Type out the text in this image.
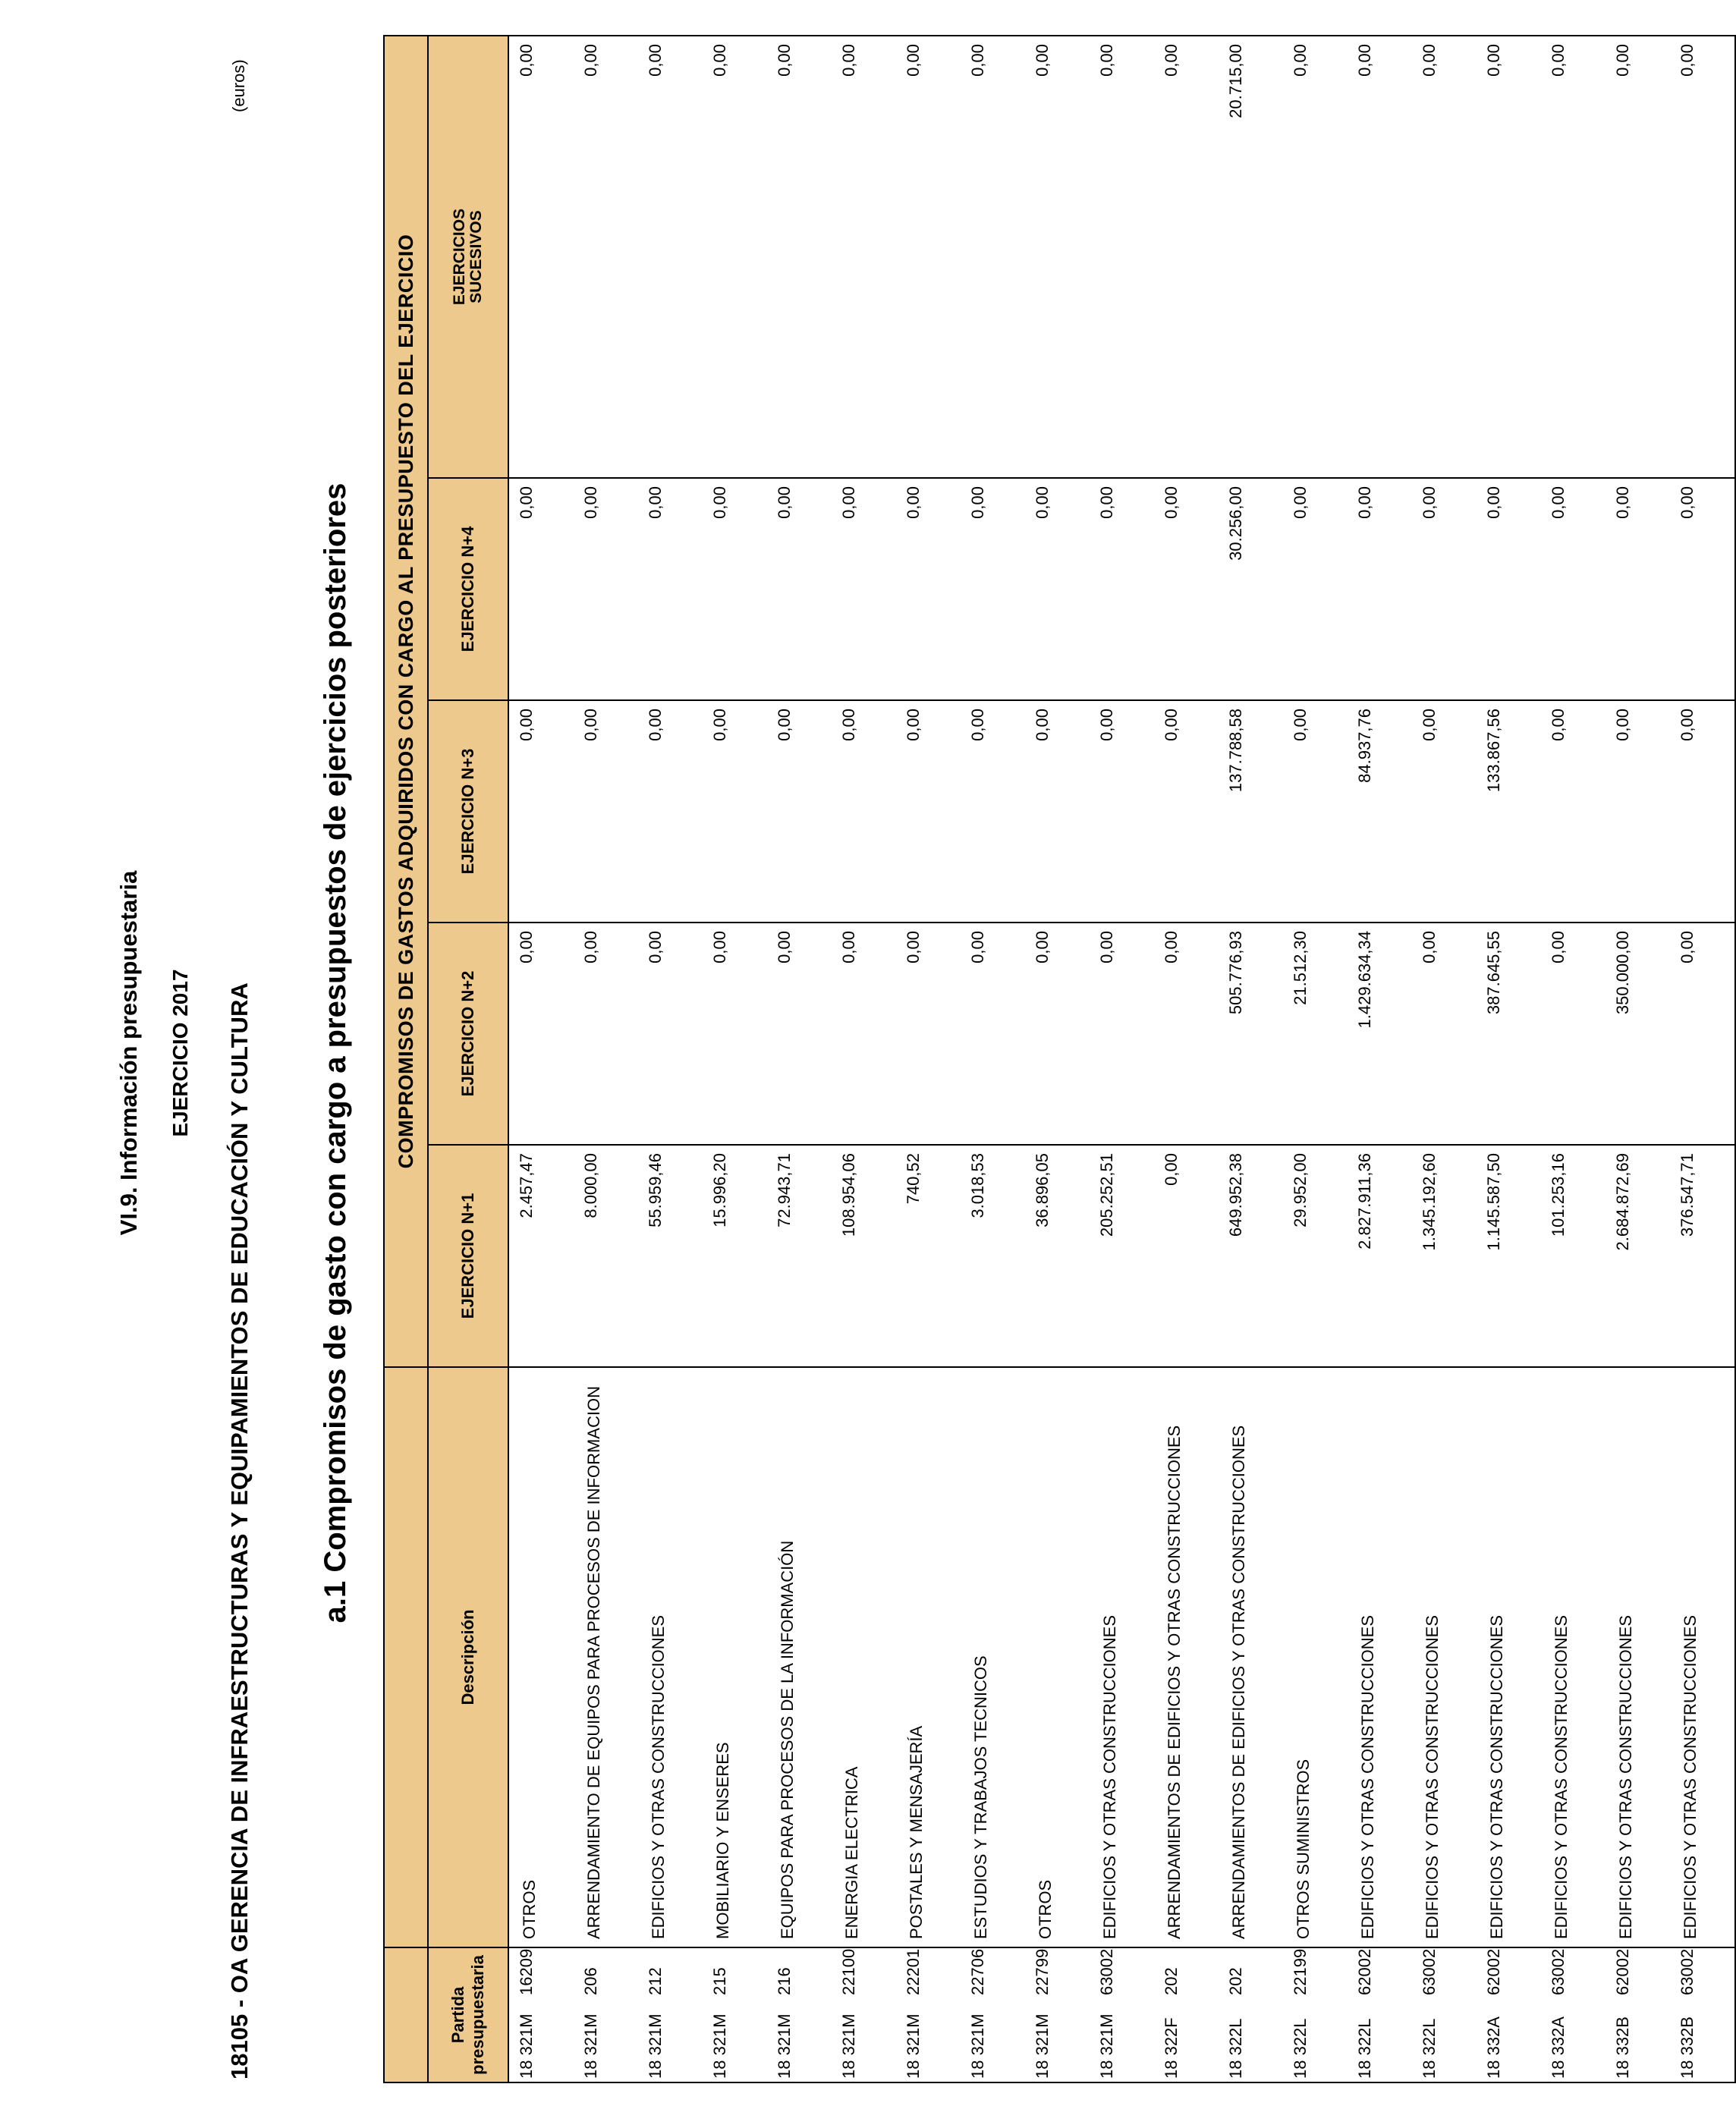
VI.9. Información presupuestaria EJERCICIO 2017 18105 - OA GERENCIA DE INFRAESTRUCTURAS Y EQUIPAMIENTOS DE EDUCACIÓN Y CULTURA a.1 Compromisos de gasto con cargo a presupuestos de ejercicios posteriores
(euros)
		COMPROMISOS DE GASTOS ADQUIRIDOS CON CARGO AL PRESUPUESTO DEL EJERCICIO				
Partida presupuestaria	Descripción	EJERCICIO N+1	EJERCICIO N+2	EJERCICIO N+3	EJERCICIO N+4	EJERCICIOS SUCESIVOS

18 321M16209	OTROS	2.457,47	0,00	0,00	0,00	0,00
18 321M206	ARRENDAMIENTO DE EQUIPOS PARA PROCESOS DE INFORMACION	8.000,00	0,00	0,00	0,00	0,00
18 321M212	EDIFICIOS Y OTRAS CONSTRUCCIONES	55.959,46	0,00	0,00	0,00	0,00
18 321M215	MOBILIARIO Y ENSERES	15.996,20	0,00	0,00	0,00	0,00
18 321M216	EQUIPOS PARA PROCESOS DE LA INFORMACIÓN	72.943,71	0,00	0,00	0,00	0,00
18 321M22100	ENERGIA ELECTRICA	108.954,06	0,00	0,00	0,00	0,00
18 321M22201	POSTALES Y MENSAJERÍA	740,52	0,00	0,00	0,00	0,00
18 321M22706	ESTUDIOS Y TRABAJOS TECNICOS	3.018,53	0,00	0,00	0,00	0,00
18 321M22799	OTROS	36.896,05	0,00	0,00	0,00	0,00
18 321M63002	EDIFICIOS Y OTRAS CONSTRUCCIONES	205.252,51	0,00	0,00	0,00	0,00
18 322F202	ARRENDAMIENTOS DE EDIFICIOS Y OTRAS CONSTRUCCIONES	0,00	0,00	0,00	0,00	0,00
18 322L202	ARRENDAMIENTOS DE EDIFICIOS Y OTRAS CONSTRUCCIONES	649.952,38	505.776,93	137.788,58	30.256,00	20.715,00
18 322L22199	OTROS SUMINISTROS	29.952,00	21.512,30	0,00	0,00	0,00
18 322L62002	EDIFICIOS Y OTRAS CONSTRUCCIONES	2.827.911,36	1.429.634,34	84.937,76	0,00	0,00
18 322L63002	EDIFICIOS Y OTRAS CONSTRUCCIONES	1.345.192,60	0,00	0,00	0,00	0,00
18 332A62002	EDIFICIOS Y OTRAS CONSTRUCCIONES	1.145.587,50	387.645,55	133.867,56	0,00	0,00
18 332A63002	EDIFICIOS Y OTRAS CONSTRUCCIONES	101.253,16	0,00	0,00	0,00	0,00
18 332B62002	EDIFICIOS Y OTRAS CONSTRUCCIONES	2.684.872,69	350.000,00	0,00	0,00	0,00
18 332B63002	EDIFICIOS Y OTRAS CONSTRUCCIONES	376.547,71	0,00	0,00	0,00	0,00
